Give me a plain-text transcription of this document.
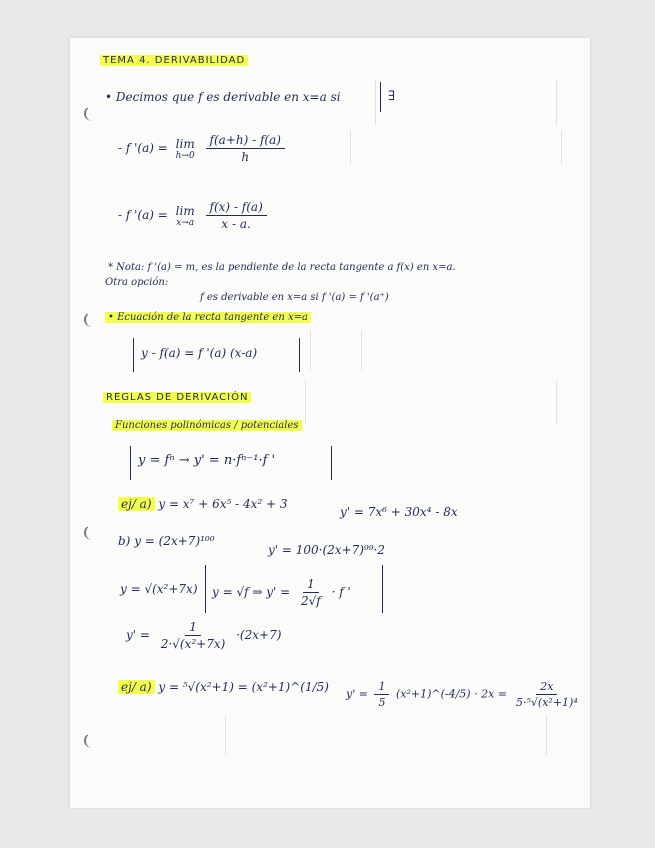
TEMA 4. DERIVABILIDAD
• Decimos que f es derivable en x=a si	∃
- f '(a) = lim
h→0
$\frac{f(a+h) - f(a)}{h}$
- f '(a) = lim
x→a
$\frac{f(x) - f(a)}{x - a.}$
* Nota: f '(a) = m, es la pendiente de la recta tangente a f(x) en x=a.
Otra opción:
f es derivable en x=a si f '(a) = f '(a⁺)
• Ecuación de la recta tangente en x=a
y - f(a) = f '(a) (x-a)
REGLAS DE DERIVACIÓN
Funciones polinómicas / potenciales
y = fⁿ → y' = n·fⁿ⁻¹·f '
ej/ a) y = x⁷ + 6x⁵ - 4x² + 3
y' = 7x⁶ + 30x⁴ - 8x
b) y = (2x+7)¹⁰⁰
y' = 100·(2x+7)⁹⁹·2
y = √(x²+7x) y = √f ⇒ $y' = \frac{1}{2√f} \cdot f$ '
$y' = \frac{1}{\text{2·√(x²+7x)}} \cdot(2x+7)$
ej/ a) y = ⁵√(x²+1) = (x²+1)^(1/5) $y' = \frac{1}{5}$ (x²+1)^(-4/5) · $2x = \frac{2x}{\text{5·⁵√(x²+1)⁴}}$
